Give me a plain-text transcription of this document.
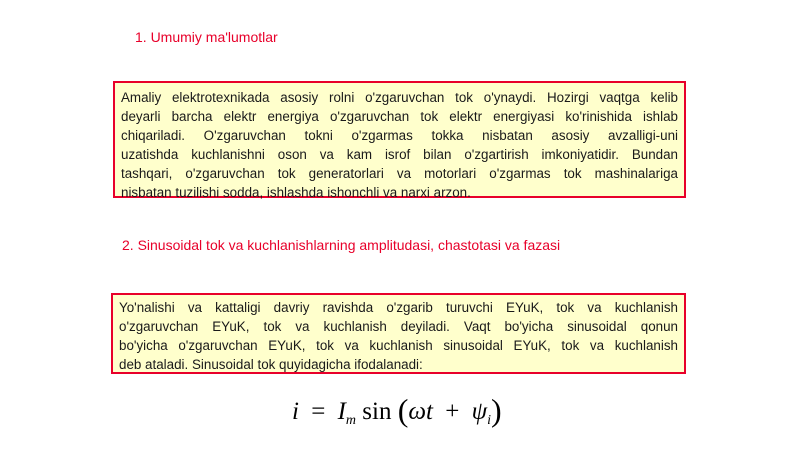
1. Umumiy ma'lumotlar
Amaliy elektrotexnikada asosiy rolni o'zgaruvchan tok o'ynaydi. Hozirgi vaqtga kelib
deyarli barcha elektr energiya o'zgaruvchan tok elektr energiyasi ko'rinishida ishlab
chiqariladi. O'zgaruvchan tokni o'zgarmas tokka nisbatan asosiy avzalligi-uni
uzatishda kuchlanishni oson va kam isrof bilan o'zgartirish imkoniyatidir. Bundan
tashqari, o'zgaruvchan tok generatorlari va motorlari o'zgarmas tok mashinalariga
nisbatan tuzilishi sodda, ishlashda ishonchli va narxi arzon.
2. Sinusoidal tok va kuchlanishlarning amplitudasi, chastotasi va fazasi
Yo'nalishi va kattaligi davriy ravishda o'zgarib turuvchi EYuK, tok va kuchlanish
o'zgaruvchan EYuK, tok va kuchlanish deyiladi. Vaqt bo'yicha sinusoidal qonun
bo'yicha o'zgaruvchan EYuK, tok va kuchlanish sinusoidal EYuK, tok va kuchlanish
deb ataladi. Sinusoidal tok quyidagicha ifodalanadi:
$i = I_m$ $\sin (\omega t + \psi_i)$
